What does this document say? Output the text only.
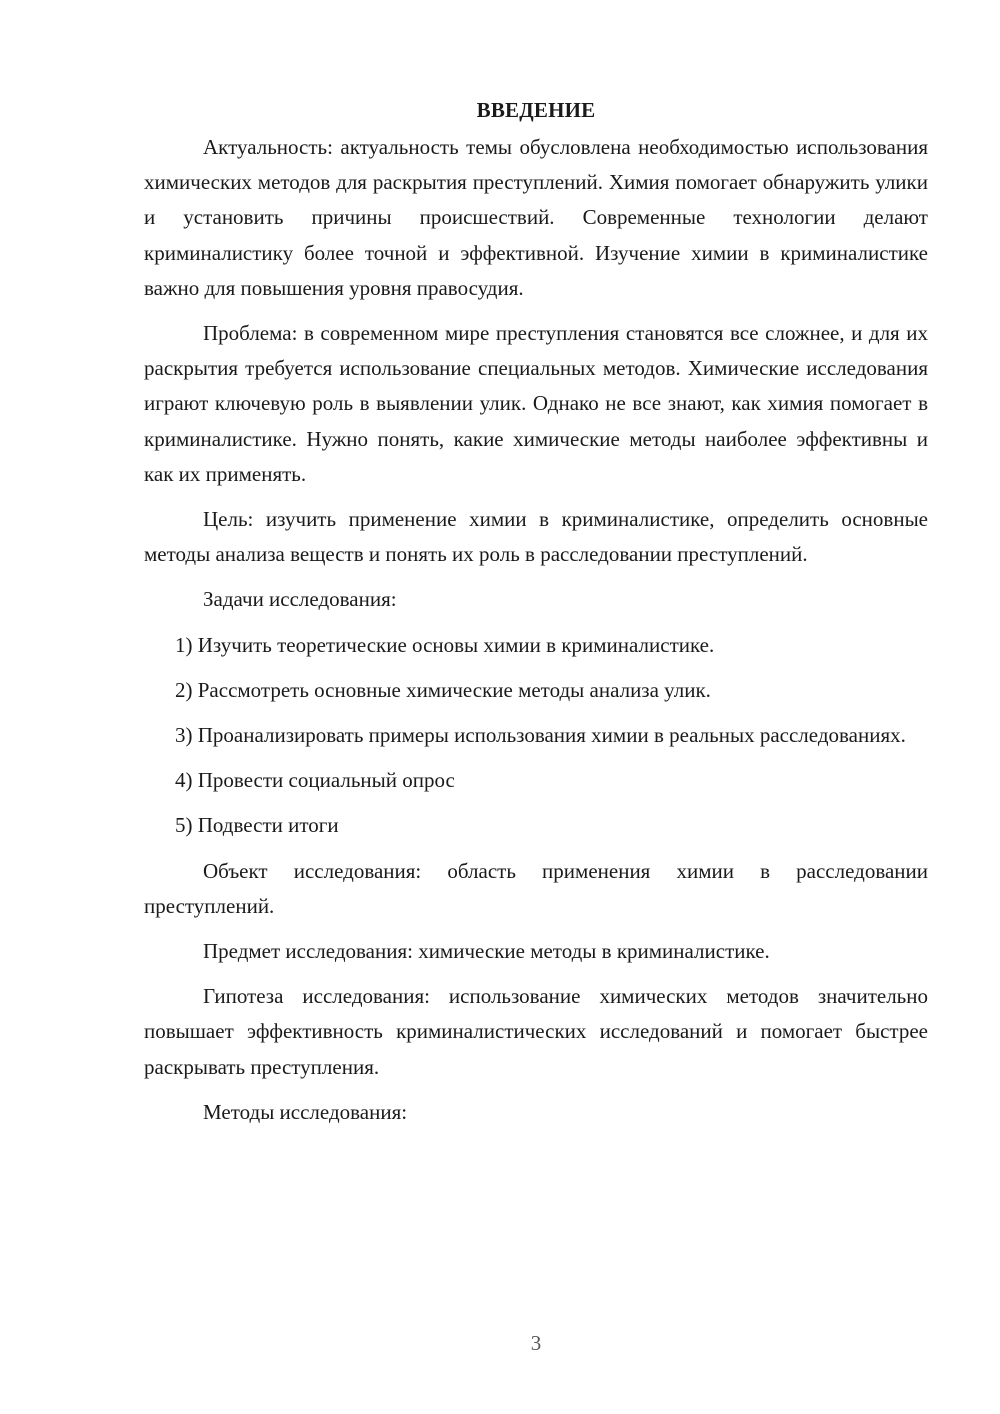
ВВЕДЕНИЕ

Актуальность: актуальность темы обусловлена необходимостью использования химических методов для раскрытия преступлений. Химия помогает обнаружить улики и установить причины происшествий. Современные технологии делают криминалистику более точной и эффективной. Изучение химии в криминалистике важно для повышения уровня правосудия.

Проблема: в современном мире преступления становятся все сложнее, и для их раскрытия требуется использование специальных методов. Химические исследования играют ключевую роль в выявлении улик. Однако не все знают, как химия помогает в криминалистике. Нужно понять, какие химические методы наиболее эффективны и как их применять.

Цель: изучить применение химии в криминалистике, определить основные методы анализа веществ и понять их роль в расследовании преступлений.

Задачи исследования:

1) Изучить теоретические основы химии в криминалистике.

2) Рассмотреть основные химические методы анализа улик.

3) Проанализировать примеры использования химии в реальных расследованиях.

4) Провести социальный опрос

5) Подвести итоги

Объект исследования: область применения химии в расследовании преступлений.

Предмет исследования: химические методы в криминалистике.

Гипотеза исследования: использование химических методов значительно повышает эффективность криминалистических исследований и помогает быстрее раскрывать преступления.

Методы исследования:

3
